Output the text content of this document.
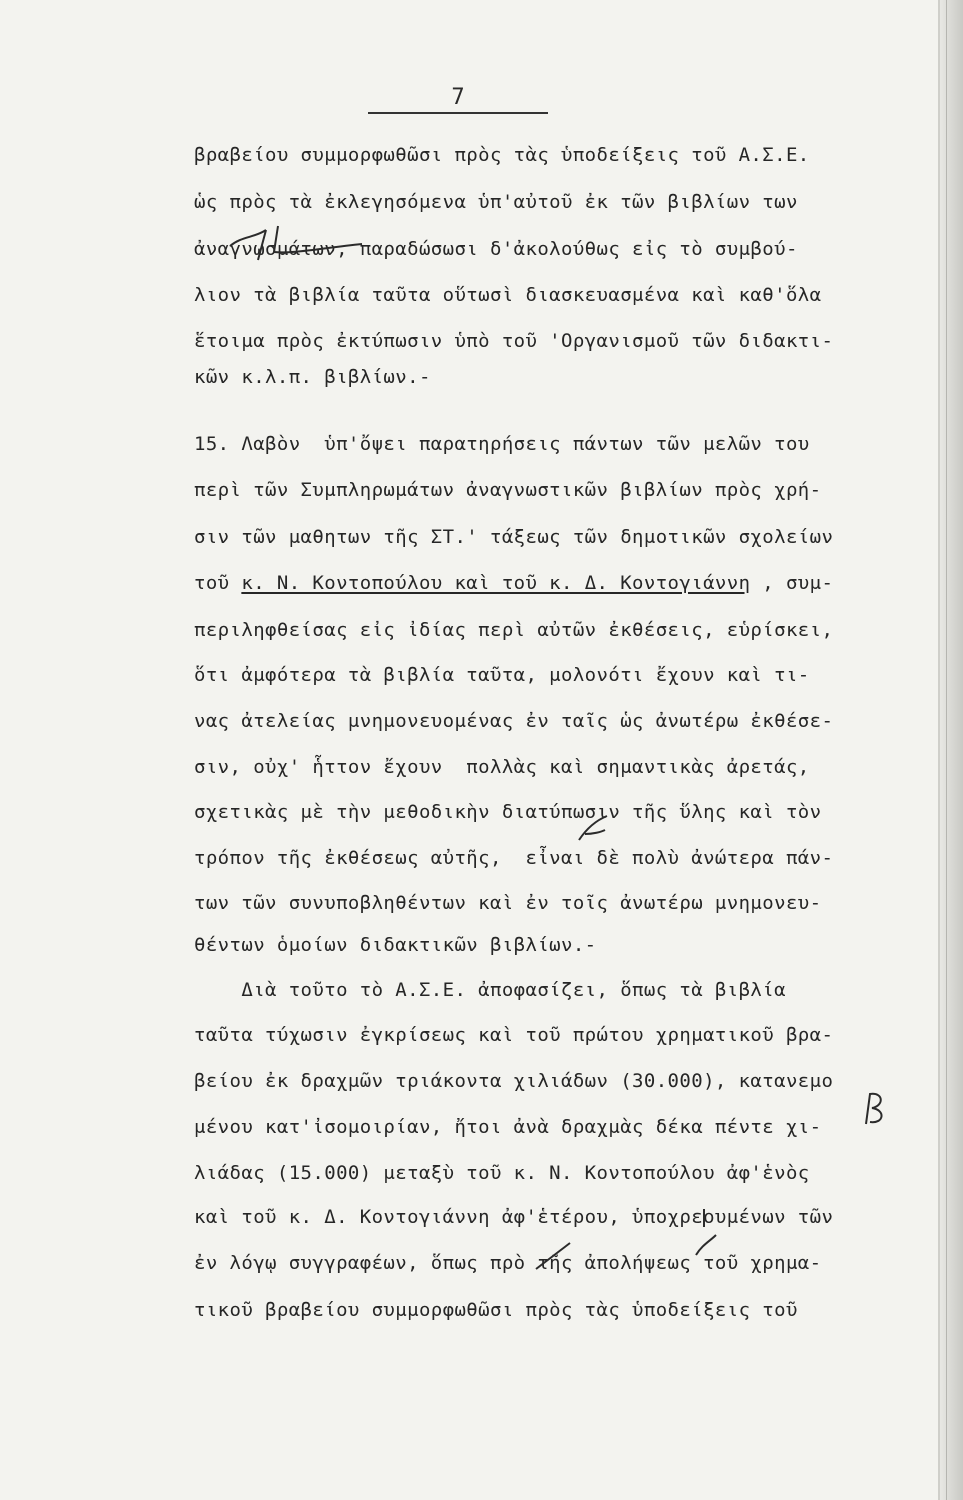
7
βραβείου συμμορφωθῶσι πρὸς τὰς ὑποδείξεις τοῦ Α.Σ.Ε.
ὡς πρὸς τὰ ἐκλεγησόμενα ὑπ'αὐτοῦ ἐκ τῶν βιβλίων των
ἀναγνωσμάτων, παραδώσωσι δ'ἀκολούθως εἰς τὸ συμβού-
λιον τὰ βιβλία ταῦτα οὕτωσὶ διασκευασμένα καὶ καθ'ὅλα
ἕτοιμα πρὸς ἐκτύπωσιν ὑπὸ τοῦ 'Οργανισμοῦ τῶν διδακτι-
κῶν κ.λ.π. βιβλίων.-
15. Λαβὸν  ὑπ'ὄψει παρατηρήσεις πάντων τῶν μελῶν του
περὶ τῶν Συμπληρωμάτων ἀναγνωστικῶν βιβλίων πρὸς χρή-
σιν τῶν μαθητων τῆς ΣΤ.' τάξεως τῶν δημοτικῶν σχολείων
τοῦ κ. Ν. Κοντοπούλου καὶ τοῦ κ. Δ. Κοντογιάννη , συμ-
περιληφθείσας εἰς ἰδίας περὶ αὐτῶν ἐκθέσεις, εὑρίσκει,
ὅτι ἀμφότερα τὰ βιβλία ταῦτα, μολονότι ἔχουν καὶ τι-
νας ἀτελείας μνημονευομένας ἐν ταῖς ὡς ἀνωτέρω ἐκθέσε-
σιν, οὐχ' ἧττον ἔχουν  πολλὰς καὶ σημαντικὰς ἀρετάς,
σχετικὰς μὲ τὴν μεθοδικὴν διατύπωσιν τῆς ὕλης καὶ τὸν
τρόπον τῆς ἐκθέσεως αὐτῆς,  εἶναι δὲ πολὺ ἀνώτερα πάν-
των τῶν συνυποβληθέντων καὶ ἐν τοῖς ἀνωτέρω μνημονευ-
θέντων ὁμοίων διδακτικῶν βιβλίων.-
Διὰ τοῦτο τὸ Α.Σ.Ε. ἀποφασίζει, ὅπως τὰ βιβλία
ταῦτα τύχωσιν ἐγκρίσεως καὶ τοῦ πρώτου χρηματικοῦ βρα-
βείου ἐκ δραχμῶν τριάκοντα χιλιάδων (30.000), κατανεμο
μένου κατ'ἰσομοιρίαν, ἤτοι ἀνὰ δραχμὰς δέκα πέντε χι-
λιάδας (15.000) μεταξὺ τοῦ κ. Ν. Κοντοπούλου ἀφ'ἑνὸς
καὶ τοῦ κ. Δ. Κοντογιάννη ἀφ'ἑτέρου, ὑποχρεουμένων τῶν
ἐν λόγῳ συγγραφέων, ὅπως πρὸ τῆς ἀπολήψεως τοῦ χρημα-
τικοῦ βραβείου συμμορφωθῶσι πρὸς τὰς ὑποδείξεις τοῦ
